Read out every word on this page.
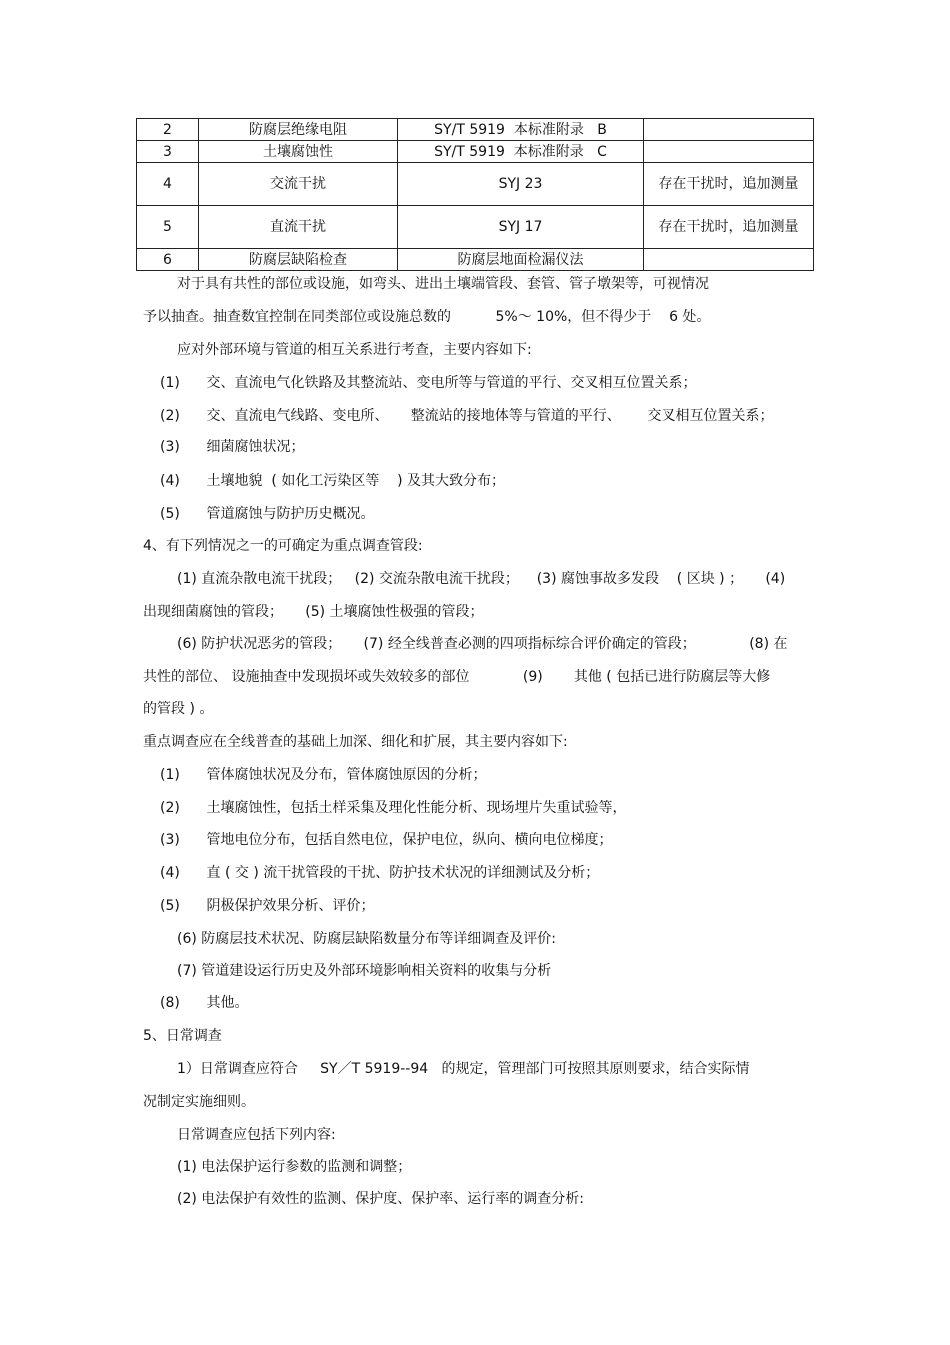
2	防腐层绝缘电阻	SY/T 5919  本标准附录   B	
3	土壤腐蚀性	SY/T 5919  本标准附录   C	
4	交流干扰	SYJ 23	存在干扰时，追加测量
5	直流干扰	SYJ 17	存在干扰时，追加测量
6	防腐层缺陷检查	防腐层地面检漏仪法	
对于具有共性的部位或设施，如弯头、进出土壤端管段、套管、管子墩架等，可视情况
予以抽查。抽查数宜控制在同类部位或设施总数的          5%～ 10%，但不得少于    6 处。
应对外部环境与管道的相互关系进行考查，主要内容如下:
(1)      交、直流电气化铁路及其整流站、变电所等与管道的平行、交叉相互位置关系；
(2)      交、直流电气线路、变电所、     整流站的接地体等与管道的平行、      交叉相互位置关系；
(3)      细菌腐蚀状况；
(4)      土壤地貌  ( 如化工污染区等    ) 及其大致分布；
(5)      管道腐蚀与防护历史概况。
4、有下列情况之一的可确定为重点调查管段:
(1) 直流杂散电流干扰段；   (2) 交流杂散电流干扰段；    (3) 腐蚀事故多发段    ( 区块 ) ；     (4)
出现细菌腐蚀的管段；     (5) 土壤腐蚀性极强的管段；
(6) 防护状况恶劣的管段；     (7) 经全线普查必测的四项指标综合评价确定的管段；            (8) 在
共性的部位、 设施抽查中发现损坏或失效较多的部位            (9)       其他 ( 包括已进行防腐层等大修
的管段 ) 。
重点调查应在全线普查的基础上加深、细化和扩展，其主要内容如下:
(1)      管体腐蚀状况及分布，管体腐蚀原因的分析；
(2)      土壤腐蚀性，包括土样采集及理化性能分析、现场埋片失重试验等，
(3)      管地电位分布，包括自然电位，保护电位，纵向、横向电位梯度；
(4)      直 ( 交 ) 流干扰管段的干扰、防护技术状况的详细测试及分析；
(5)      阴极保护效果分析、评价；
(6) 防腐层技术状况、防腐层缺陷数量分布等详细调查及评价:
(7) 管道建设运行历史及外部环境影响相关资料的收集与分析
(8)      其他。
5、日常调查
1）日常调查应符合     SY／T 5919--94   的规定，管理部门可按照其原则要求，结合实际情
况制定实施细则。
日常调查应包括下列内容:
(1) 电法保护运行参数的监测和调整；
(2) 电法保护有效性的监测、保护度、保护率、运行率的调查分析:
